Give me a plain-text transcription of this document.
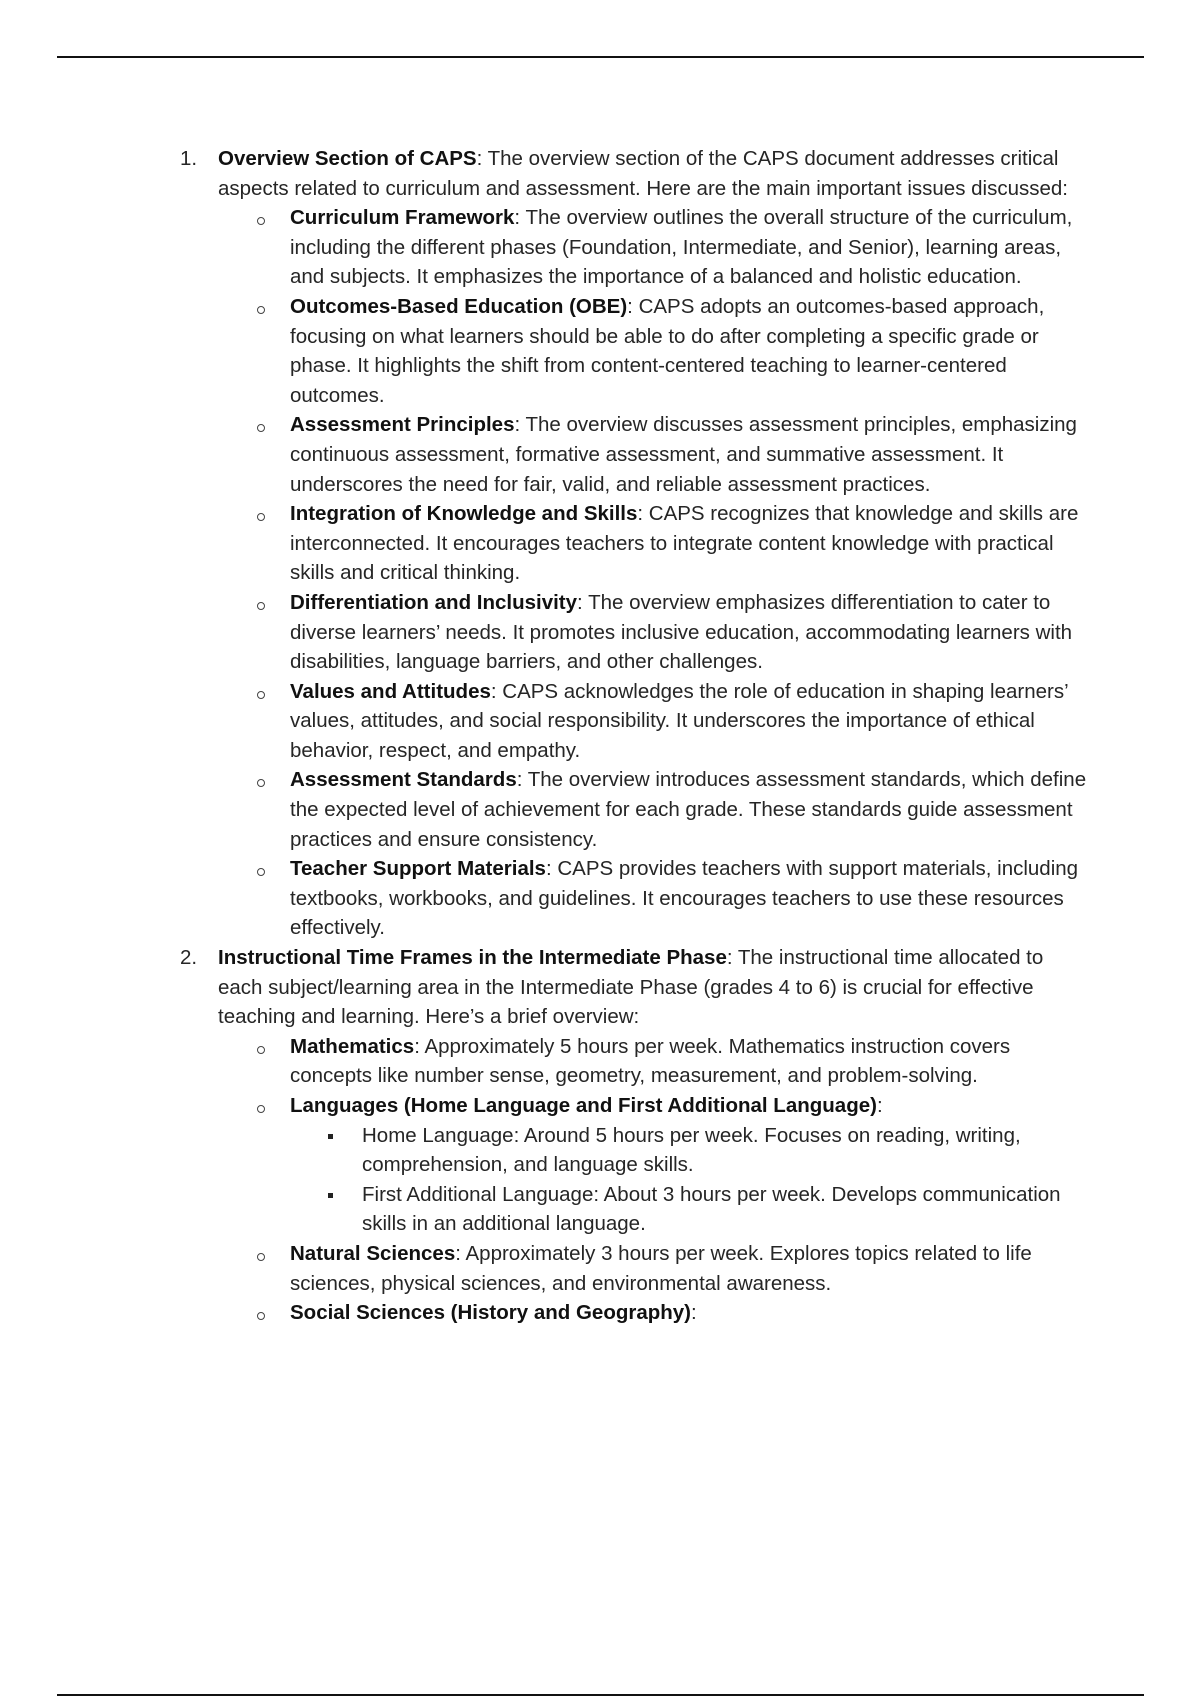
1. Overview Section of CAPS: The overview section of the CAPS document addresses critical aspects related to curriculum and assessment. Here are the main important issues discussed:
Curriculum Framework: The overview outlines the overall structure of the curriculum, including the different phases (Foundation, Intermediate, and Senior), learning areas, and subjects. It emphasizes the importance of a balanced and holistic education.
Outcomes-Based Education (OBE): CAPS adopts an outcomes-based approach, focusing on what learners should be able to do after completing a specific grade or phase. It highlights the shift from content-centered teaching to learner-centered outcomes.
Assessment Principles: The overview discusses assessment principles, emphasizing continuous assessment, formative assessment, and summative assessment. It underscores the need for fair, valid, and reliable assessment practices.
Integration of Knowledge and Skills: CAPS recognizes that knowledge and skills are interconnected. It encourages teachers to integrate content knowledge with practical skills and critical thinking.
Differentiation and Inclusivity: The overview emphasizes differentiation to cater to diverse learners’ needs. It promotes inclusive education, accommodating learners with disabilities, language barriers, and other challenges.
Values and Attitudes: CAPS acknowledges the role of education in shaping learners’ values, attitudes, and social responsibility. It underscores the importance of ethical behavior, respect, and empathy.
Assessment Standards: The overview introduces assessment standards, which define the expected level of achievement for each grade. These standards guide assessment practices and ensure consistency.
Teacher Support Materials: CAPS provides teachers with support materials, including textbooks, workbooks, and guidelines. It encourages teachers to use these resources effectively.
2. Instructional Time Frames in the Intermediate Phase: The instructional time allocated to each subject/learning area in the Intermediate Phase (grades 4 to 6) is crucial for effective teaching and learning. Here’s a brief overview:
Mathematics: Approximately 5 hours per week. Mathematics instruction covers concepts like number sense, geometry, measurement, and problem-solving.
Languages (Home Language and First Additional Language):
Home Language: Around 5 hours per week. Focuses on reading, writing, comprehension, and language skills.
First Additional Language: About 3 hours per week. Develops communication skills in an additional language.
Natural Sciences: Approximately 3 hours per week. Explores topics related to life sciences, physical sciences, and environmental awareness.
Social Sciences (History and Geography):
